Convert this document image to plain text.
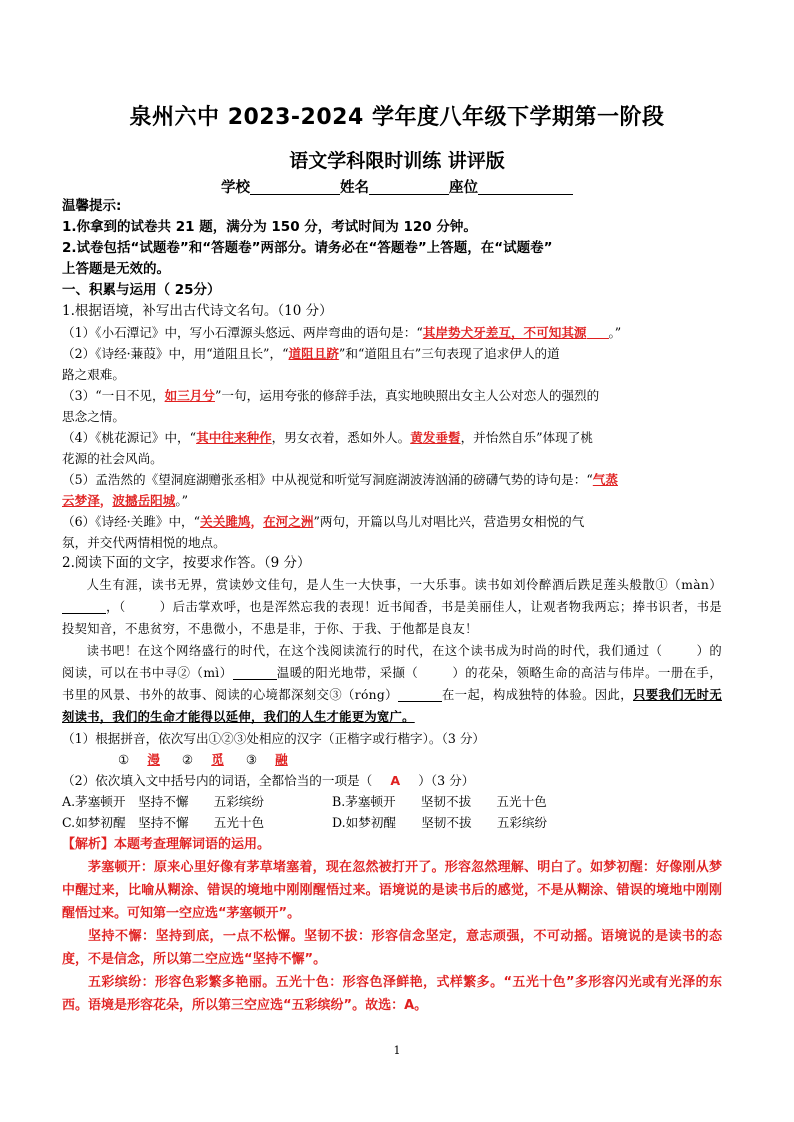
泉州六中 2023-2024 学年度八年级下学期第一阶段
语文学科限时训练 讲评版
学校	姓名	座位
温馨提示:
1.你拿到的试卷共 21 题，满分为 150 分，考试时间为 120 分钟。
2.试卷包括“试题卷”和“答题卷”两部分。请务必在“答题卷”上答题，在“试题卷”
上答题是无效的。
一、积累与运用（ 25分）
1.根据语境，补写出古代诗文名句。（10 分）
（1）《小石潭记》中，写小石潭源头悠远、两岸弯曲的语句是：“其岸势犬牙差互，不可知其源 。”
（2）《诗经·蒹葭》中，用“道阻且长”，“道阻且跻”和“道阻且右”三句表现了追求伊人的道
路之艰难。
（3）“一日不见，如三月兮”一句，运用夸张的修辞手法，真实地映照出女主人公对恋人的强烈的
思念之情。
（4）《桃花源记》中，“其中往来种作，男女衣着，悉如外人。黄发垂髫，并怡然自乐”体现了桃
花源的社会风尚。
（5）孟浩然的《望洞庭湖赠张丞相》中从视觉和听觉写洞庭湖波涛汹涌的磅礴气势的诗句是：“气蒸
云梦泽，波撼岳阳城。”
（6）《诗经·关雎》中，“关关雎鸠，在河之洲”两句，开篇以鸟儿对唱比兴，营造男女相悦的气
氛，并交代两情相悦的地点。
2.阅读下面的文字，按要求作答。（9 分）
人生有涯，读书无界，赏读妙文佳句，是人生一大快事，一大乐事。读书如刘伶醉酒后跌足莲头般散①（màn），（	）后击掌欢呼，也是浑然忘我的表现！近书闻香，书是美丽佳人，让观者物我两忘；捧书识者，书是投契知音，不患贫穷，不患微小，不患是非，于你、于我、于他都是良友！
读书吧！在这个网络盛行的时代，在这个浅阅读流行的时代，在这个读书成为时尚的时代，我们通过（	）的阅读，可以在书中寻②（mì）	温暖的阳光地带，采撷（	）的花朵，领略生命的高洁与伟岸。一册在手，书里的风景、书外的故事、阅读的心境都深刻交③（róng）	在一起，构成独特的体验。因此，只要我们无时无刻读书，我们的生命才能得以延伸，我们的人生才能更为宽广。
（1）根据拼音，依次写出①②③处相应的汉字（正楷字或行楷字）。（3 分）
① 漫 ② 觅 ③ 融
（2）依次填入文中括号内的词语，全都恰当的一项是（ A ）（3 分）
A.茅塞顿开　坚持不懈　　五彩缤纷	B.茅塞顿开　　坚韧不拔　　五光十色
C.如梦初醒　坚持不懈　　五光十色	D.如梦初醒　　坚韧不拔　　五彩缤纷
【解析】本题考查理解词语的运用。
茅塞顿开：原来心里好像有茅草堵塞着，现在忽然被打开了。形容忽然理解、明白了。如梦初醒：好像刚从梦中醒过来，比喻从糊涂、错误的境地中刚刚醒悟过来。语境说的是读书后的感觉，不是从糊涂、错误的境地中刚刚醒悟过来。可知第一空应选“茅塞顿开”。
坚持不懈：坚持到底，一点不松懈。坚韧不拔：形容信念坚定，意志顽强，不可动摇。语境说的是读书的态度，不是信念，所以第二空应选“坚持不懈”。
五彩缤纷：形容色彩繁多艳丽。五光十色：形容色泽鲜艳，式样繁多。“五光十色”多形容闪光或有光泽的东西。语境是形容花朵，所以第三空应选“五彩缤纷”。故选：A。
1
